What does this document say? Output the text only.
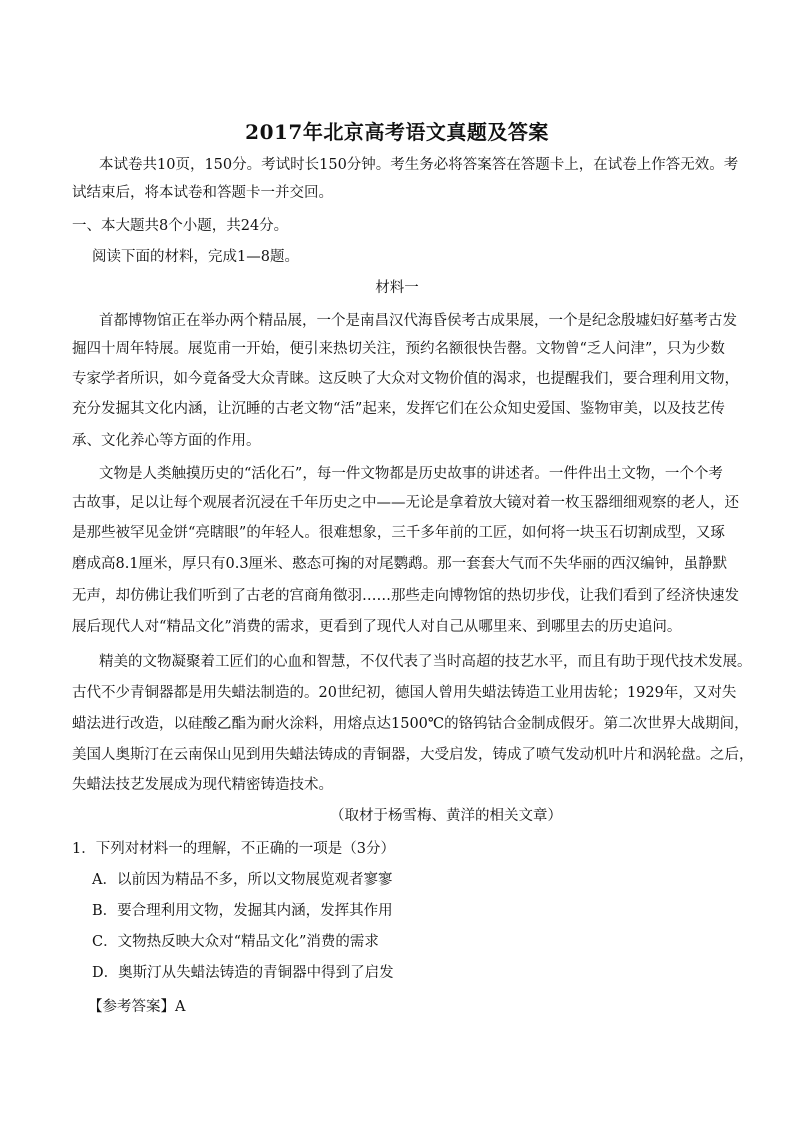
2017年北京高考语文真题及答案

本试卷共10页，150分。考试时长150分钟。考生务必将答案答在答题卡上，在试卷上作答无效。考

试结束后，将本试卷和答题卡一并交回。

一、本大题共8个小题，共24分。

阅读下面的材料，完成1—8题。

材料一

首都博物馆正在举办两个精品展，一个是南昌汉代海昏侯考古成果展，一个是纪念殷墟妇好墓考古发

掘四十周年特展。展览甫一开始，便引来热切关注，预约名额很快告罄。文物曾“乏人问津”，只为少数

专家学者所识，如今竟备受大众青睐。这反映了大众对文物价值的渴求，也提醒我们，要合理利用文物，

充分发掘其文化内涵，让沉睡的古老文物“活”起来，发挥它们在公众知史爱国、鉴物审美，以及技艺传

承、文化养心等方面的作用。

文物是人类触摸历史的“活化石”，每一件文物都是历史故事的讲述者。一件件出土文物，一个个考

古故事，足以让每个观展者沉浸在千年历史之中——无论是拿着放大镜对着一枚玉器细细观察的老人，还

是那些被罕见金饼“亮瞎眼”的年轻人。很难想象，三千多年前的工匠，如何将一块玉石切割成型，又琢

磨成高8.1厘米，厚只有0.3厘米、憨态可掬的对尾鹦鹉。那一套套大气而不失华丽的西汉编钟，虽静默

无声，却仿佛让我们听到了古老的宫商角徵羽……那些走向博物馆的热切步伐，让我们看到了经济快速发

展后现代人对“精品文化”消费的需求，更看到了现代人对自己从哪里来、到哪里去的历史追问。

精美的文物凝聚着工匠们的心血和智慧，不仅代表了当时高超的技艺水平，而且有助于现代技术发展。

古代不少青铜器都是用失蜡法制造的。20世纪初，德国人曾用失蜡法铸造工业用齿轮；1929年，又对失

蜡法进行改造，以硅酸乙酯为耐火涂料，用熔点达1500℃的铬钨钴合金制成假牙。第二次世界大战期间，

美国人奥斯汀在云南保山见到用失蜡法铸成的青铜器，大受启发，铸成了喷气发动机叶片和涡轮盘。之后，

失蜡法技艺发展成为现代精密铸造技术。

（取材于杨雪梅、黄洋的相关文章）

1．下列对材料一的理解，不正确的一项是（3分）

A．以前因为精品不多，所以文物展览观者寥寥

B．要合理利用文物，发掘其内涵，发挥其作用

C．文物热反映大众对“精品文化”消费的需求

D．奥斯汀从失蜡法铸造的青铜器中得到了启发

【参考答案】A
